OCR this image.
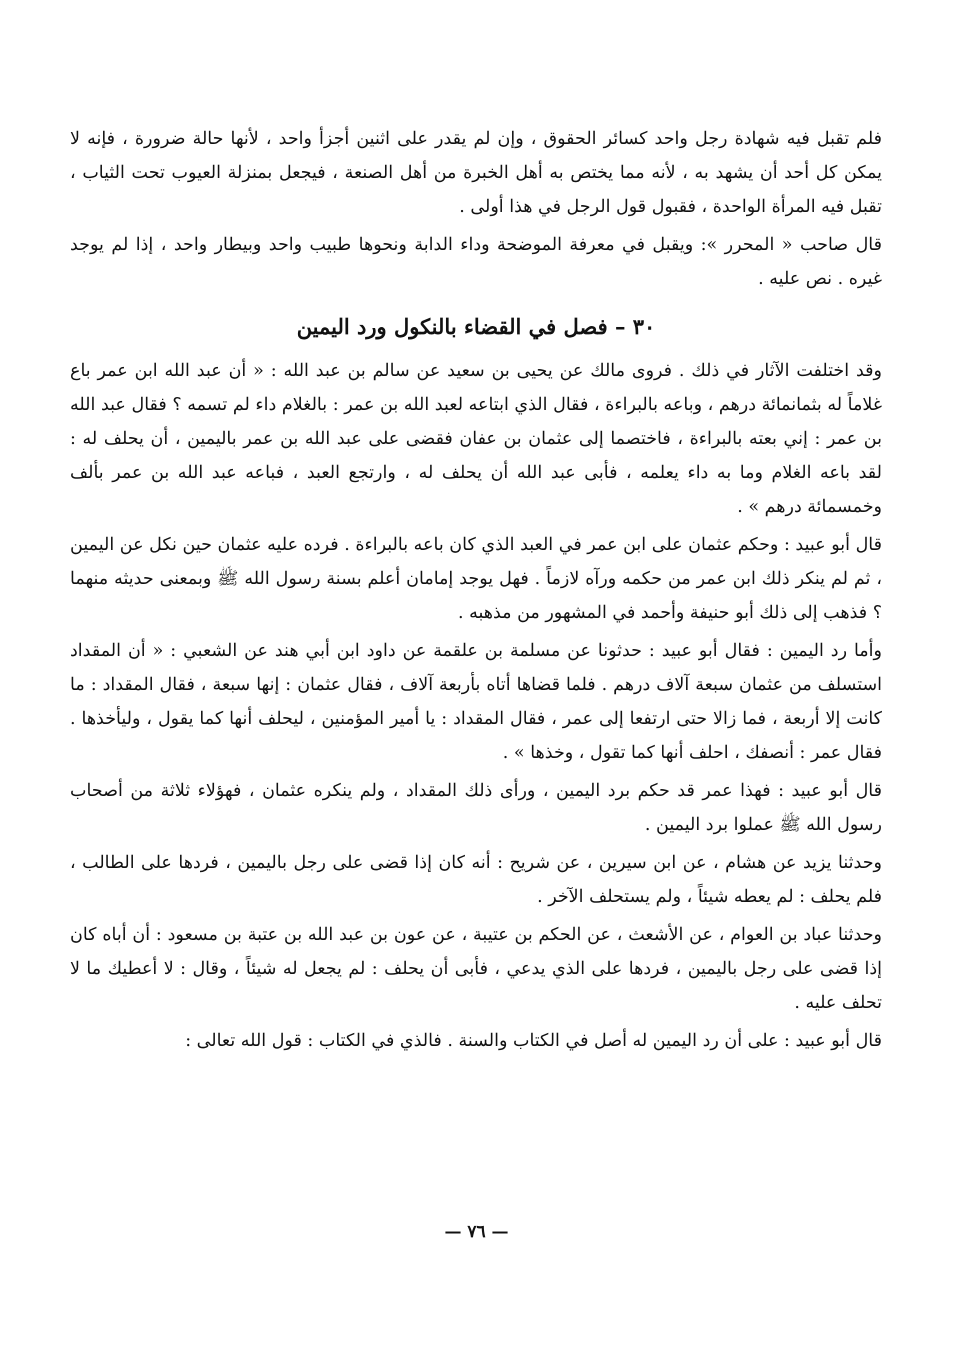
فلم تقبل فيه شهادة رجل واحد كسائر الحقوق ، وإن لم يقدر على اثنين أجزأ واحد ، لأنها حالة ضرورة ، فإنه لا يمكن كل أحد أن يشهد به ، لأنه مما يختص به أهل الخبرة من أهل الصنعة ، فيجعل بمنزلة العيوب تحت الثياب ، تقبل فيه المرأة الواحدة ، فقبول قول الرجل في هذا أولى .

قال صاحب « المحرر »: ويقبل في معرفة الموضحة وداء الدابة ونحوها طبيب واحد وبيطار واحد ، إذا لم يوجد غيره . نص عليه .

٣٠ – فصل في القضاء بالنكول ورد اليمين

وقد اختلفت الآثار في ذلك . فروى مالك عن يحيى بن سعيد عن سالم بن عبد الله : « أن عبد الله ابن عمر باع غلاماً له بثمانمائة درهم ، وباعه بالبراءة ، فقال الذي ابتاعه لعبد الله بن عمر : بالغلام داء لم تسمه ؟ فقال عبد الله بن عمر : إني بعته بالبراءة ، فاختصما إلى عثمان بن عفان فقضى على عبد الله بن عمر باليمين ، أن يحلف له : لقد باعه الغلام وما به داء يعلمه ، فأبى عبد الله أن يحلف له ، وارتجع العبد ، فباعه عبد الله بن عمر بألف وخمسمائة درهم » .

قال أبو عبيد : وحكم عثمان على ابن عمر في العبد الذي كان باعه بالبراءة . فرده عليه عثمان حين نكل عن اليمين ، ثم لم ينكر ذلك ابن عمر من حكمه ورآه لازماً . فهل يوجد إمامان أعلم بسنة رسول الله ﷺ وبمعنى حديثه منهما ؟ فذهب إلى ذلك أبو حنيفة وأحمد في المشهور من مذهبه .

وأما رد اليمين : فقال أبو عبيد : حدثونا عن مسلمة بن علقمة عن داود ابن أبي هند عن الشعبي : « أن المقداد استسلف من عثمان سبعة آلاف درهم . فلما قضاها أتاه بأربعة آلاف ، فقال عثمان : إنها سبعة ، فقال المقداد : ما كانت إلا أربعة ، فما زالا حتى ارتفعا إلى عمر ، فقال المقداد : يا أمير المؤمنين ، ليحلف أنها كما يقول ، وليأخذها . فقال عمر : أنصفك ، احلف أنها كما تقول ، وخذها » .

قال أبو عبيد : فهذا عمر قد حكم برد اليمين ، ورأى ذلك المقداد ، ولم ينكره عثمان ، فهؤلاء ثلاثة من أصحاب رسول الله ﷺ عملوا برد اليمين .

وحدثنا يزيد عن هشام ، عن ابن سيرين ، عن شريح : أنه كان إذا قضى على رجل باليمين ، فردها على الطالب ، فلم يحلف : لم يعطه شيئاً ، ولم يستحلف الآخر .

وحدثنا عباد بن العوام ، عن الأشعث ، عن الحكم بن عتيبة ، عن عون بن عبد الله بن عتبة بن مسعود : أن أباه كان إذا قضى على رجل باليمين ، فردها على الذي يدعي ، فأبى أن يحلف : لم يجعل له شيئاً ، وقال : لا أعطيك ما لا تحلف عليه .

قال أبو عبيد : على أن رد اليمين له أصل في الكتاب والسنة . فالذي في الكتاب : قول الله تعالى :

— ٧٦ —
